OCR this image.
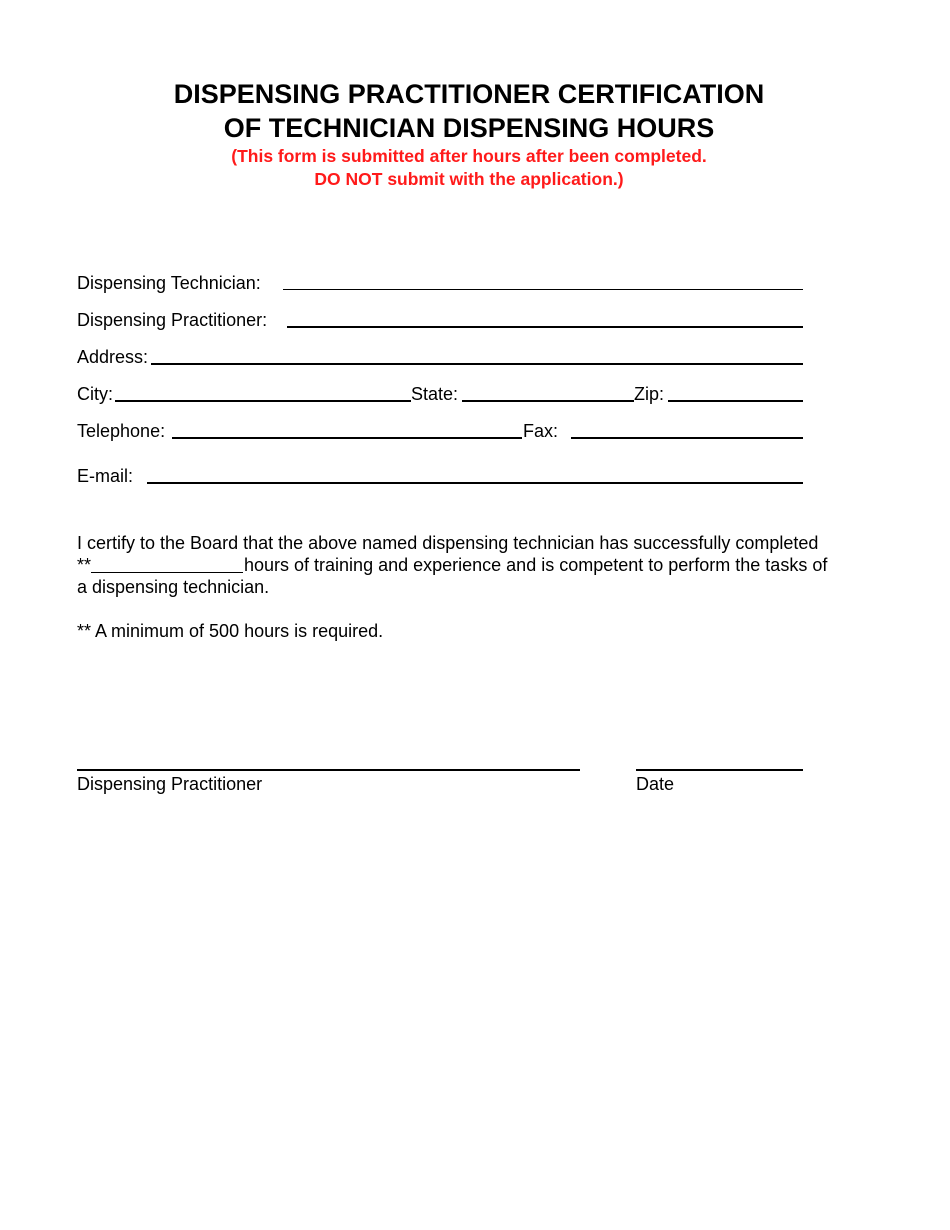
DISPENSING PRACTITIONER CERTIFICATION
OF TECHNICIAN DISPENSING HOURS
(This form is submitted after hours after been completed.
DO NOT submit with the application.)
Dispensing Technician:
Dispensing Practitioner:
Address:
City:	State:	Zip:
Telephone:	Fax:
E-mail:
I certify to the Board that the above named dispensing technician has successfully completed
**	hours of training and experience and is competent to perform the tasks of
a dispensing technician.
** A minimum of 500 hours is required.
Dispensing Practitioner	Date
